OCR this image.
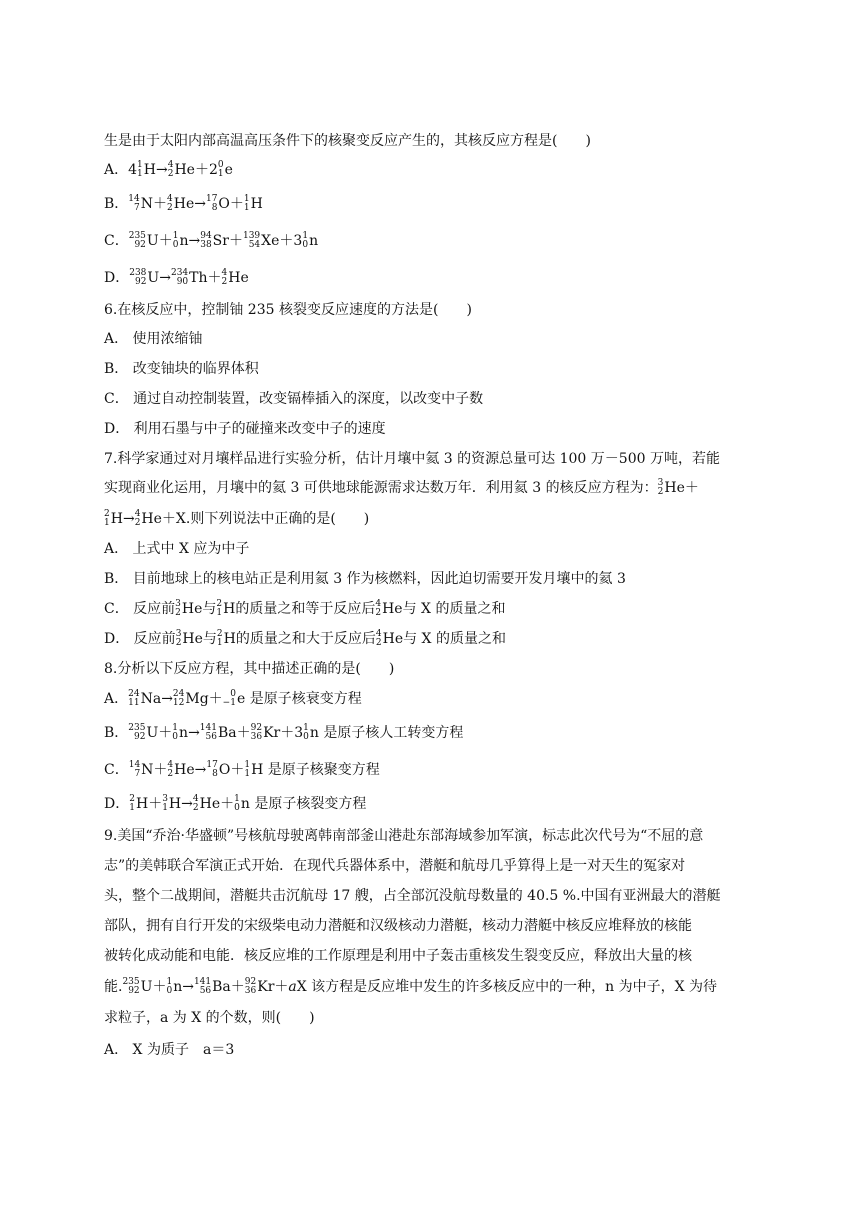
生是由于太阳内部高温高压条件下的核聚变反应产生的，其核反应方程是(　　)
A．4 1
1 H→ 4
2 He＋2 0
1 e
B． 14
7 N＋ 4
2 He→ 17
8 O＋ 1
1 H
C． 235
92 U＋ 1
0 n→ 94
38 Sr＋ 139
54 Xe＋3 1
0 n
D． 238
92 U→ 234
90 Th＋ 4
2 He
6.在核反应中，控制铀 235 核裂变反应速度的方法是(　　)
A． 使用浓缩铀
B． 改变铀块的临界体积
C． 通过自动控制装置，改变镉棒插入的深度，以改变中子数
D． 利用石墨与中子的碰撞来改变中子的速度
7.科学家通过对月壤样品进行实验分析，估计月壤中氦 3 的资源总量可达 100 万－500 万吨，若能
实现商业化运用，月壤中的氦 3 可供地球能源需求达数万年．利用氦 3 的核反应方程为： 3
2 He＋
2
1 H→ 4
2 He＋X.则下列说法中正确的是(　　)
A． 上式中 X 应为中子
B． 目前地球上的核电站正是利用氦 3 作为核燃料，因此迫切需要开发月壤中的氦 3
C． 反应前 3
2 He与 2
1 H的质量之和等于反应后 4
2 He与 X 的质量之和
D． 反应前 3
2 He与 2
1 H的质量之和大于反应后 4
2 He与 X 的质量之和
8.分析以下反应方程，其中描述正确的是(　　)
A． 24
11 Na→ 24
12 Mg＋ 0
−1 e 是原子核衰变方程
B． 235
92 U＋ 1
0 n→ 141
56 Ba＋ 92
36 Kr＋3 1
0 n 是原子核人工转变方程
C． 14
7 N＋ 4
2 He→ 17
8 O＋ 1
1 H 是原子核聚变方程
D． 2
1 H＋ 3
1 H→ 4
2 He＋ 1
0 n 是原子核裂变方程
9.美国“乔治·华盛顿”号核航母驶离韩南部釜山港赴东部海域参加军演，标志此次代号为“不屈的意
志”的美韩联合军演正式开始．在现代兵器体系中，潜艇和航母几乎算得上是一对天生的冤家对
头，整个二战期间，潜艇共击沉航母 17 艘，占全部沉没航母数量的 40.5 %.中国有亚洲最大的潜艇
部队，拥有自行开发的宋级柴电动力潜艇和汉级核动力潜艇，核动力潜艇中核反应堆释放的核能
被转化成动能和电能．核反应堆的工作原理是利用中子轰击重核发生裂变反应，释放出大量的核
能. 235
92 U＋ 1
0 n→ 141
56 Ba＋ 92
36 Kr＋aX 该方程是反应堆中发生的许多核反应中的一种，n 为中子，X 为待
求粒子，a 为 X 的个数，则(　　)
A． X 为质子　a＝3
